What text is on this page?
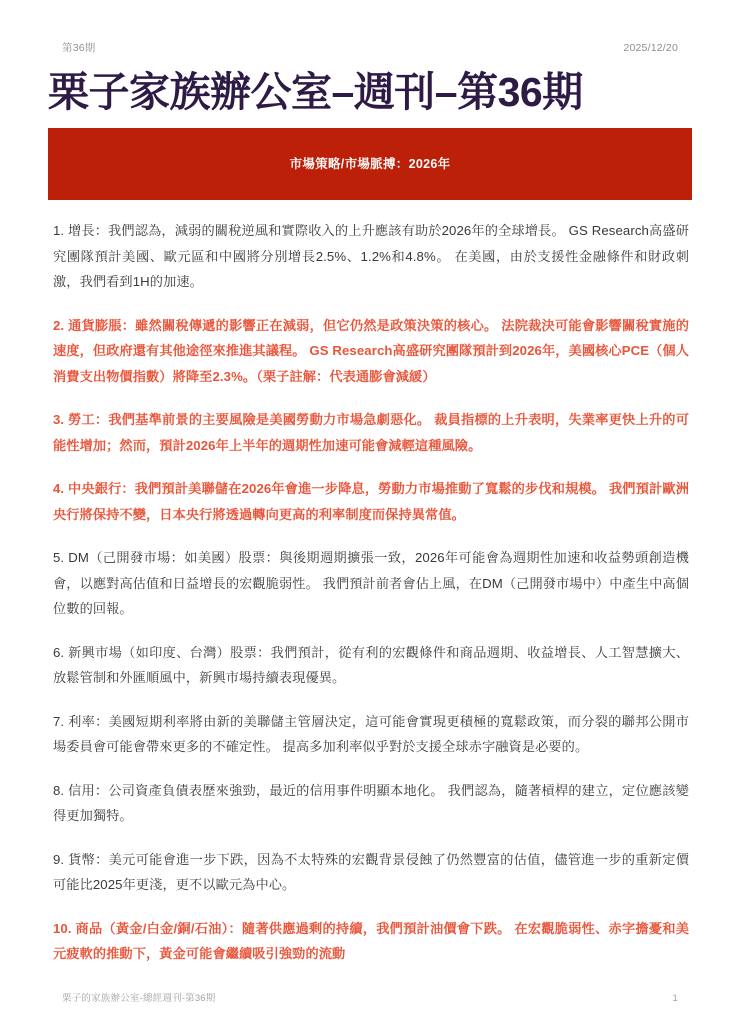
第36期	2025/12/20
栗子家族辦公室–週刊–第36期
市場策略/市場脈搏：2026年

1. 增長：我們認為，減弱的關稅逆風和實際收入的上升應該有助於2026年的全球增長。 GS Research高盛研究團隊預計美國、歐元區和中國將分別增長2.5%、1.2%和4.8%。 在美國，由於支援性金融條件和財政刺激，我們看到1H的加速。

2. 通貨膨脹：雖然關稅傳遞的影響正在減弱，但它仍然是政策決策的核心。 法院裁決可能會影響關稅實施的速度，但政府還有其他途徑來推進其議程。 GS Research高盛研究團隊預計到2026年，美國核心PCE（個人消費支出物價指數）將降至2.3%。（栗子註解：代表通膨會減緩）

3. 勞工：我們基準前景的主要風險是美國勞動力市場急劇惡化。 裁員指標的上升表明，失業率更快上升的可能性增加；然而，預計2026年上半年的週期性加速可能會減輕這種風險。

4. 中央銀行：我們預計美聯儲在2026年會進一步降息，勞動力市場推動了寬鬆的步伐和規模。 我們預計歐洲央行將保持不變，日本央行將透過轉向更高的利率制度而保持異常值。

5. DM（己開發市場：如美國）股票：與後期週期擴張一致，2026年可能會為週期性加速和收益勢頭創造機會，以應對高估值和日益增長的宏觀脆弱性。 我們預計前者會佔上風，在DM（己開發市場中）中產生中高個位數的回報。

6. 新興市場（如印度、台灣）股票：我們預計，從有利的宏觀條件和商品週期、收益增長、人工智慧擴大、放鬆管制和外匯順風中，新興市場持續表現優異。

7. 利率：美國短期利率將由新的美聯儲主管層決定，這可能會實現更積極的寬鬆政策，而分裂的聯邦公開市場委員會可能會帶來更多的不確定性。 提高多加利率似乎對於支援全球赤字融資是必要的。

8. 信用：公司資產負債表歷來強勁，最近的信用事件明顯本地化。 我們認為，隨著槓桿的建立，定位應該變得更加獨特。

9. 貨幣：美元可能會進一步下跌，因為不太特殊的宏觀背景侵蝕了仍然豐富的估值，儘管進一步的重新定價可能比2025年更淺，更不以歐元為中心。

10. 商品（黃金/白金/銅/石油）：隨著供應過剩的持續，我們預計油價會下跌。 在宏觀脆弱性、赤字擔憂和美元疲軟的推動下，黃金可能會繼續吸引強勁的流動

栗子的家族辦公室-總經週刊-第36期	1
